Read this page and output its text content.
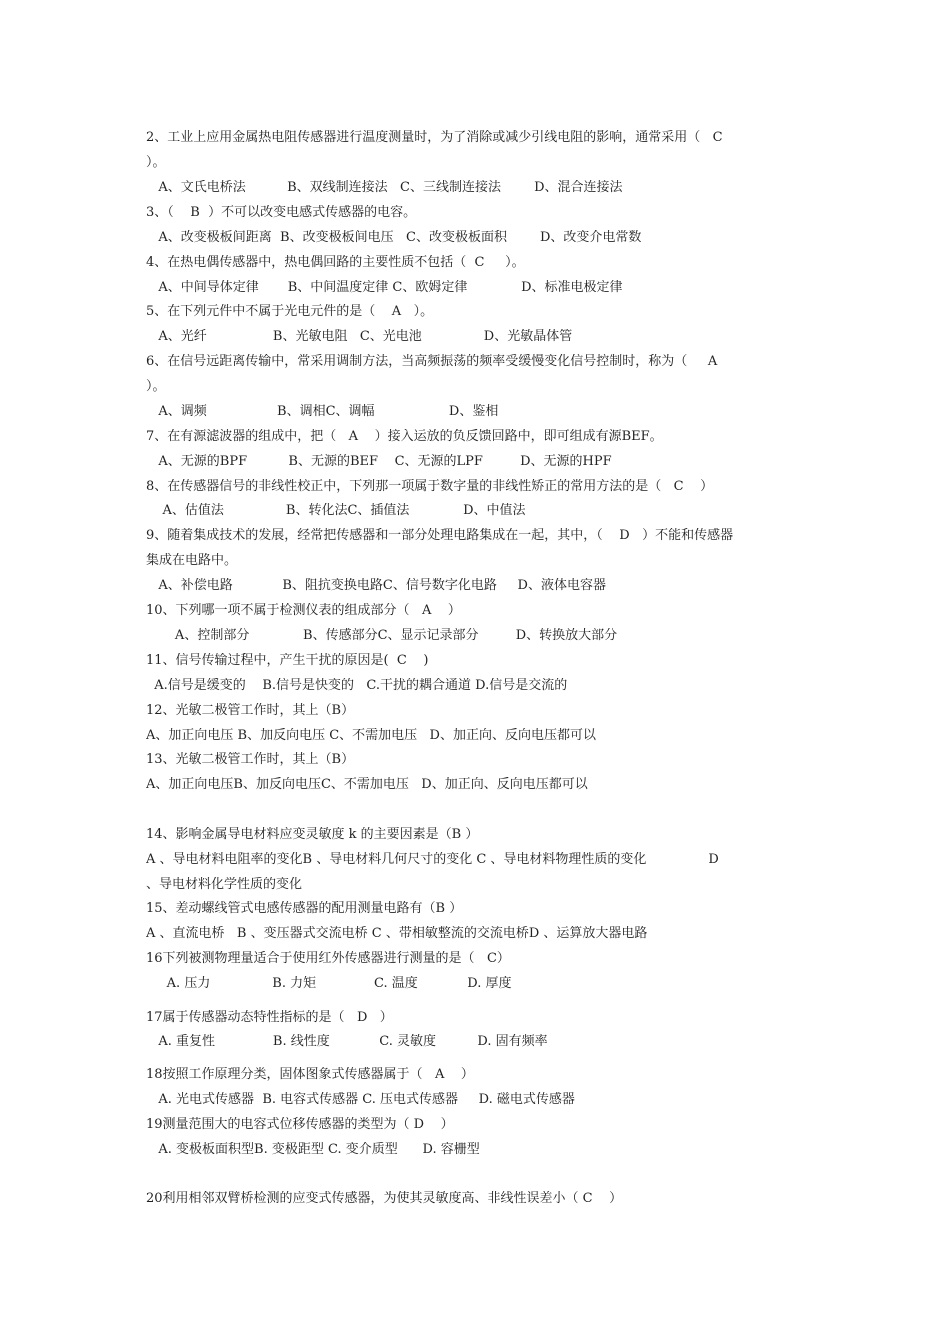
2、工业上应用金属热电阻传感器进行温度测量时，为了消除或减少引线电阻的影响，通常采用（   C
）。
A、文氏电桥法          B、双线制连接法   C、三线制连接法        D、混合连接法
3、（    B  ）不可以改变电感式传感器的电容。
A、改变极板间距离  B、改变极板间电压   C、改变极板面积        D、改变介电常数
4、在热电偶传感器中，热电偶回路的主要性质不包括（  C     ）。
A、中间导体定律       B、中间温度定律 C、欧姆定律             D、标准电极定律
5、在下列元件中不属于光电元件的是（    A   ）。
A、光纤                B、光敏电阻   C、光电池               D、光敏晶体管
6、在信号远距离传输中，常采用调制方法，当高频振荡的频率受缓慢变化信号控制时，称为（     A
）。
A、调频                 B、调相C、调幅                  D、鉴相
7、在有源滤波器的组成中，把（   A    ）接入运放的负反馈回路中，即可组成有源BEF。
A、无源的BPF          B、无源的BEF    C、无源的LPF         D、无源的HPF
8、在传感器信号的非线性校正中，下列那一项属于数字量的非线性矫正的常用方法的是（   C    ）
A、估值法               B、转化法C、插值法             D、中值法
9、随着集成技术的发展，经常把传感器和一部分处理电路集成在一起，其中，（    D   ）不能和传感器
集成在电路中。
A、补偿电路            B、阻抗变换电路C、信号数字化电路     D、液体电容器
10、下列哪一项不属于检测仪表的组成部分（   A    ）
A、控制部分             B、传感部分C、显示记录部分         D、转换放大部分
11、信号传输过程中，产生干扰的原因是(  C    )
A.信号是缓变的    B.信号是快变的   C.干扰的耦合通道 D.信号是交流的
12、光敏二极管工作时，其上（B）
A、加正向电压 B、加反向电压 C、不需加电压   D、加正向、反向电压都可以
13、光敏二极管工作时，其上（B）
A、加正向电压B、加反向电压C、不需加电压   D、加正向、反向电压都可以
14、影响金属导电材料应变灵敏度 k 的主要因素是（B ）
A 、导电材料电阻率的变化B 、导电材料几何尺寸的变化 C 、导电材料物理性质的变化               D
、导电材料化学性质的变化
15、差动螺线管式电感传感器的配用测量电路有（B ）
A 、直流电桥   B 、变压器式交流电桥 C 、带相敏整流的交流电桥D 、运算放大器电路
16下列被测物理量适合于使用红外传感器进行测量的是（   C）
A. 压力               B. 力矩              C. 温度            D. 厚度
17属于传感器动态特性指标的是（   D   ）
A. 重复性              B. 线性度            C. 灵敏度          D. 固有频率
18按照工作原理分类，固体图象式传感器属于（   A    ）
A. 光电式传感器  B. 电容式传感器 C. 压电式传感器     D. 磁电式传感器
19测量范围大的电容式位移传感器的类型为（ D    ）
A. 变极板面积型B. 变极距型 C. 变介质型      D. 容栅型
20利用相邻双臂桥检测的应变式传感器，为使其灵敏度高、非线性误差小（ C    ）
